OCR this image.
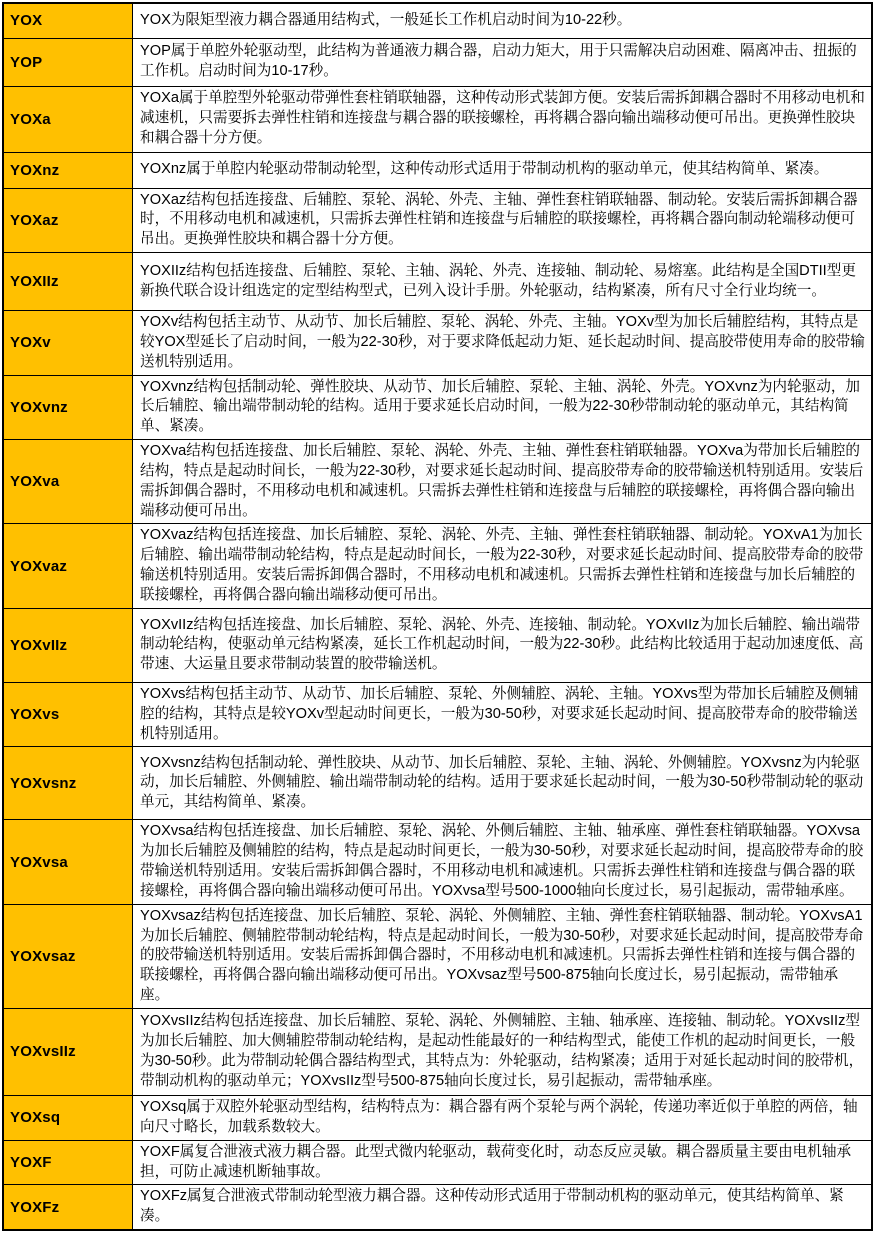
YOX	YOX为限矩型液力耦合器通用结构式，一般延长工作机启动时间为10-22秒。
YOP	YOP属于单腔外轮驱动型，此结构为普通液力耦合器，启动力矩大，用于只需解决启动困难、隔离冲击、扭振的工作机。启动时间为10-17秒。
YOXa	YOXa属于单腔型外轮驱动带弹性套柱销联轴器，这种传动形式装卸方便。安装后需拆卸耦合器时不用移动电机和减速机，只需要拆去弹性柱销和连接盘与耦合器的联接螺栓，再将耦合器向输出端移动便可吊出。更换弹性胶块和耦合器十分方便。
YOXnz	YOXnz属于单腔内轮驱动带制动轮型，这种传动形式适用于带制动机构的驱动单元，使其结构简单、紧凑。
YOXaz	YOXaz结构包括连接盘、后辅腔、泵轮、涡轮、外壳、主轴、弹性套柱销联轴器、制动轮。安装后需拆卸耦合器时，不用移动电机和减速机，只需拆去弹性柱销和连接盘与后辅腔的联接螺栓，再将耦合器向制动轮端移动便可吊出。更换弹性胶块和耦合器十分方便。
YOXIIz	YOXIIz结构包括连接盘、后辅腔、泵轮、主轴、涡轮、外壳、连接轴、制动轮、易熔塞。此结构是全国DTII型更新换代联合设计组选定的定型结构型式，已列入设计手册。外轮驱动，结构紧凑，所有尺寸全行业均统一。
YOXv	YOXv结构包括主动节、从动节、加长后辅腔、泵轮、涡轮、外壳、主轴。YOXv型为加长后辅腔结构，其特点是较YOX型延长了启动时间，一般为22-30秒，对于要求降低起动力矩、延长起动时间、提高胶带使用寿命的胶带输送机特别适用。
YOXvnz	YOXvnz结构包括制动轮、弹性胶块、从动节、加长后辅腔、泵轮、主轴、涡轮、外壳。YOXvnz为内轮驱动，加长后辅腔、输出端带制动轮的结构。适用于要求延长启动时间，一般为22-30秒带制动轮的驱动单元，其结构简单、紧凑。
YOXva	YOXva结构包括连接盘、加长后辅腔、泵轮、涡轮、外壳、主轴、弹性套柱销联轴器。YOXva为带加长后辅腔的结构，特点是起动时间长，一般为22-30秒，对要求延长起动时间、提高胶带寿命的胶带输送机特别适用。安装后需拆卸偶合器时，不用移动电机和减速机。只需拆去弹性柱销和连接盘与后辅腔的联接螺栓，再将偶合器向输出端移动便可吊出。
YOXvaz	YOXvaz结构包括连接盘、加长后辅腔、泵轮、涡轮、外壳、主轴、弹性套柱销联轴器、制动轮。YOXvA1为加长后辅腔、输出端带制动轮结构，特点是起动时间长，一般为22-30秒，对要求延长起动时间、提高胶带寿命的胶带输送机特别适用。安装后需拆卸偶合器时，不用移动电机和减速机。只需拆去弹性柱销和连接盘与加长后辅腔的联接螺栓，再将偶合器向输出端移动便可吊出。
YOXvIIz	YOXvIIz结构包括连接盘、加长后辅腔、泵轮、涡轮、外壳、连接轴、制动轮。YOXvIIz为加长后辅腔、输出端带制动轮结构，使驱动单元结构紧凑，延长工作机起动时间，一般为22-30秒。此结构比较适用于起动加速度低、高带速、大运量且要求带制动装置的胶带输送机。
YOXvs	YOXvs结构包括主动节、从动节、加长后辅腔、泵轮、外侧辅腔、涡轮、主轴。YOXvs型为带加长后辅腔及侧辅腔的结构，其特点是较YOXv型起动时间更长，一般为30-50秒，对要求延长起动时间、提高胶带寿命的胶带输送机特别适用。
YOXvsnz	YOXvsnz结构包括制动轮、弹性胶块、从动节、加长后辅腔、泵轮、主轴、涡轮、外侧辅腔。YOXvsnz为内轮驱动，加长后辅腔、外侧辅腔、输出端带制动轮的结构。适用于要求延长起动时间，一般为30-50秒带制动轮的驱动单元，其结构简单、紧凑。
YOXvsa	YOXvsa结构包括连接盘、加长后辅腔、泵轮、涡轮、外侧后辅腔、主轴、轴承座、弹性套柱销联轴器。YOXvsa为加长后辅腔及侧辅腔的结构，特点是起动时间更长，一般为30-50秒，对要求延长起动时间，提高胶带寿命的胶带输送机特别适用。安装后需拆卸偶合器时，不用移动电机和减速机。只需拆去弹性柱销和连接盘与偶合器的联接螺栓，再将偶合器向输出端移动便可吊出。YOXvsa型号500-1000轴向长度过长，易引起振动，需带轴承座。
YOXvsaz	YOXvsaz结构包括连接盘、加长后辅腔、泵轮、涡轮、外侧辅腔、主轴、弹性套柱销联轴器、制动轮。YOXvsA1为加长后辅腔、侧辅腔带制动轮结构，特点是起动时间长，一般为30-50秒，对要求延长起动时间，提高胶带寿命的胶带输送机特别适用。安装后需拆卸偶合器时，不用移动电机和减速机。只需拆去弹性柱销和连接与偶合器的联接螺栓，再将偶合器向输出端移动便可吊出。YOXvsaz型号500-875轴向长度过长，易引起振动，需带轴承座。
YOXvsIIz	YOXvsIIz结构包括连接盘、加长后辅腔、泵轮、涡轮、外侧辅腔、主轴、轴承座、连接轴、制动轮。YOXvsIIz型为加长后辅腔、加大侧辅腔带制动轮结构，是起动性能最好的一种结构型式，能使工作机的起动时间更长，一般为30-50秒。此为带制动轮偶合器结构型式，其特点为：外轮驱动，结构紧凑；适用于对延长起动时间的胶带机，带制动机构的驱动单元；YOXvsIIz型号500-875轴向长度过长，易引起振动，需带轴承座。
YOXsq	YOXsq属于双腔外轮驱动型结构，结构特点为：耦合器有两个泵轮与两个涡轮，传递功率近似于单腔的两倍，轴向尺寸略长，加载系数较大。
YOXF	YOXF属复合泄液式液力耦合器。此型式微内轮驱动，载荷变化时，动态反应灵敏。耦合器质量主要由电机轴承担，可防止减速机断轴事故。
YOXFz	YOXFz属复合泄液式带制动轮型液力耦合器。这种传动形式适用于带制动机构的驱动单元，使其结构简单、紧凑。
